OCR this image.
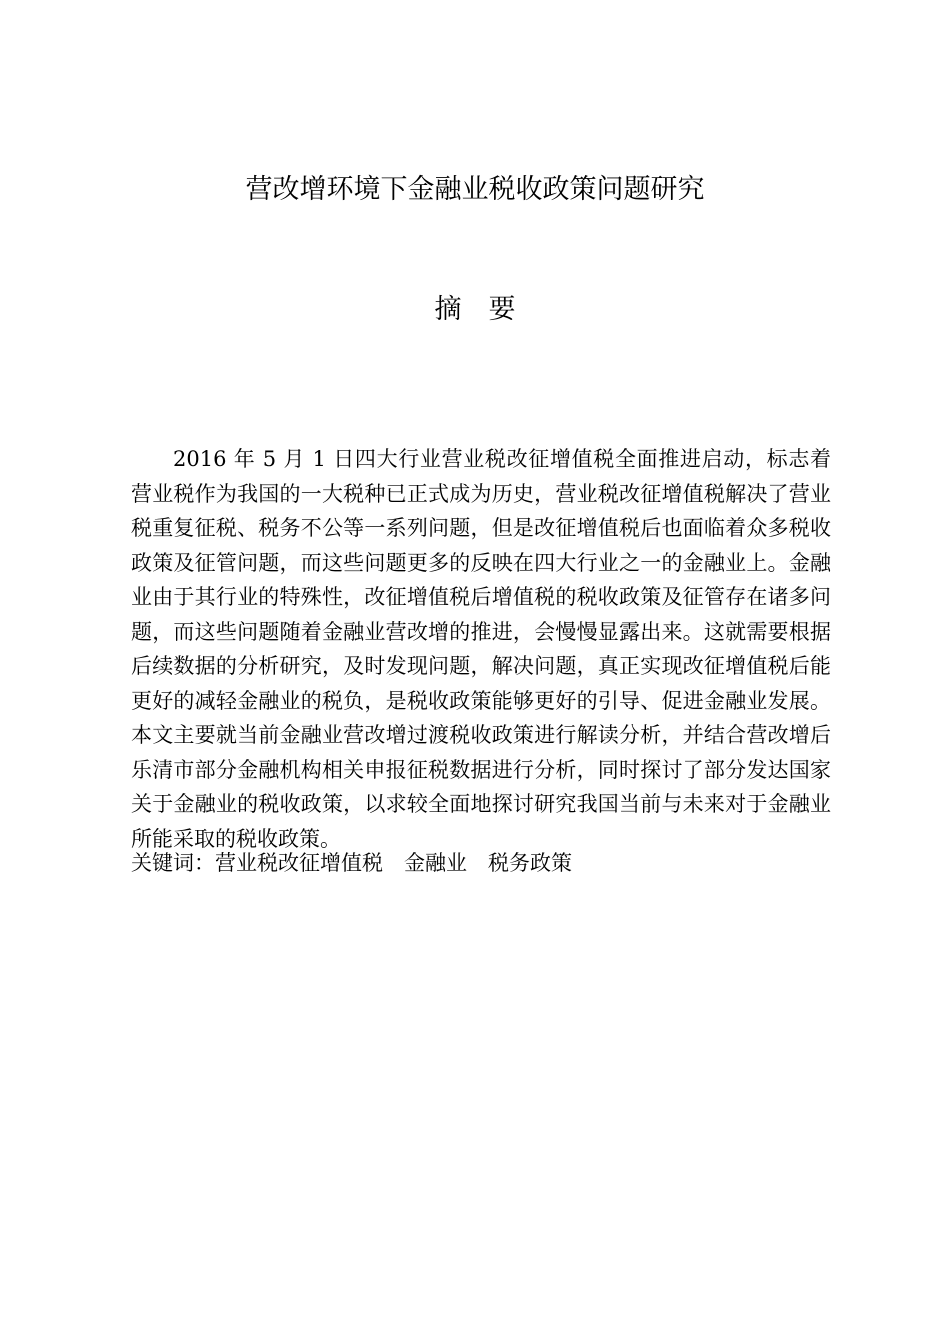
营改增环境下金融业税收政策问题研究
摘要

2016 年 5 月 1 日四大行业营业税改征增值税全面推进启动，标志着营业税作为我国的一大税种已正式成为历史，营业税改征增值税解决了营业税重复征税、税务不公等一系列问题，但是改征增值税后也面临着众多税收政策及征管问题，而这些问题更多的反映在四大行业之一的金融业上。金融业由于其行业的特殊性，改征增值税后增值税的税收政策及征管存在诸多问题，而这些问题随着金融业营改增的推进，会慢慢显露出来。这就需要根据后续数据的分析研究，及时发现问题，解决问题，真正实现改征增值税后能更好的减轻金融业的税负，是税收政策能够更好的引导、促进金融业发展。本文主要就当前金融业营改增过渡税收政策进行解读分析，并结合营改增后乐清市部分金融机构相关申报征税数据进行分析，同时探讨了部分发达国家关于金融业的税收政策，以求较全面地探讨研究我国当前与未来对于金融业所能采取的税收政策。

关键词：营业税改征增值税 金融业 税务政策
